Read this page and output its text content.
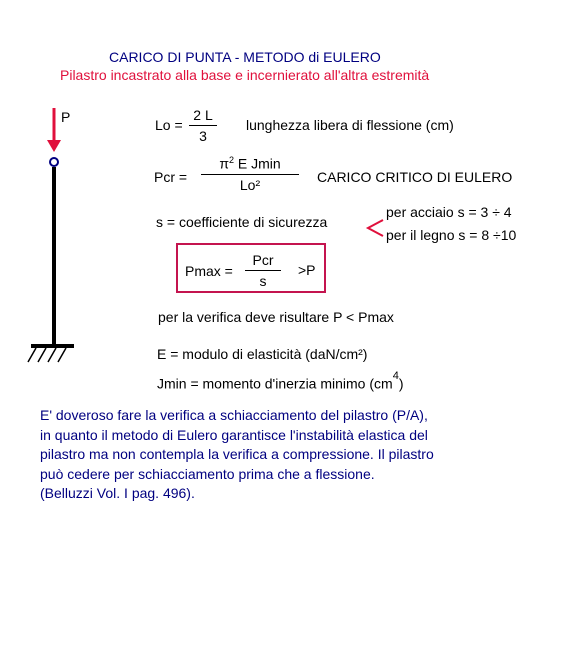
CARICO DI PUNTA - METODO di EULERO
Pilastro incastrato alla base e incernierato all'altra estremità
P	Lo =
2 L
3
lunghezza libera di flessione (cm)
Pcr =
$\pi^2$ E Jmin
Lo²	CARICO CRITICO DI EULERO
s = coefficiente di sicurezza
per acciaio s = 3 ÷ 4
per il legno s = 8 ÷10
Pmax =
Pcr
s
>P
per la verifica deve risultare P < Pmax
E = modulo di elasticità (daN/cm²)
Jmin = momento d'inerzia minimo $(cm^4)$
E' doveroso fare la verifica a schiacciamento del pilastro (P/A),
in quanto il metodo di Eulero garantisce l'instabilità elastica del
pilastro ma non contempla la verifica a compressione. Il pilastro
può cedere per schiacciamento prima che a flessione.
(Belluzzi Vol. I pag. 496).
